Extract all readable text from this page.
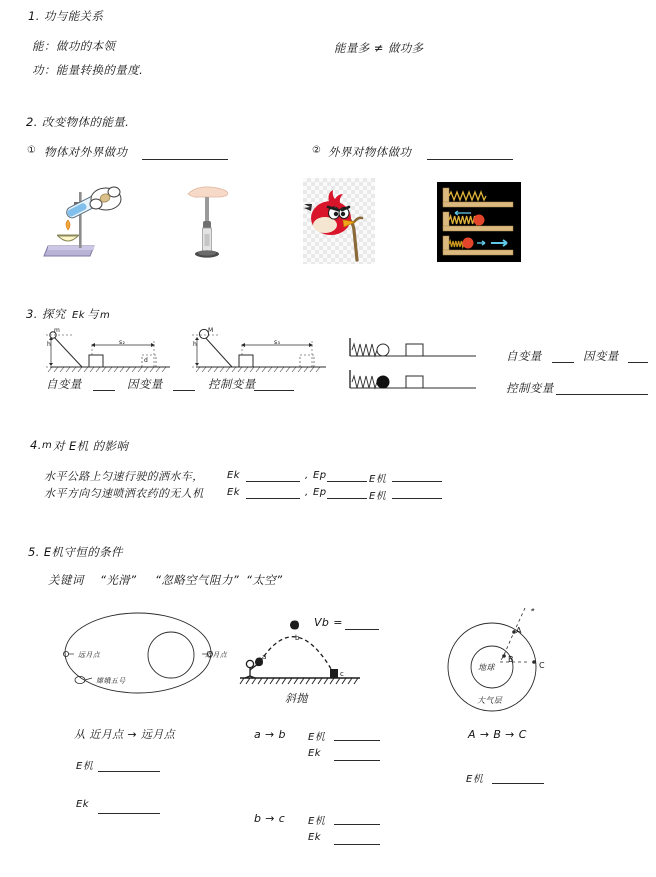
1. 功与能关系
能：做功的本领
功：能量转换的量度.
能量多 ≠ 做功多
2. 改变物体的能量.
① 物体对外界做功	② 外界对物体做功
3. 探究 Ek 与 m
m
h	s₂
d
M
h	s₃
自变量	因变量	控制变量
自变量	因变量
控制变量
4. m 对 E机 的影响
水平公路上匀速行驶的洒水车， Ek	, Ep	E机
水平方向匀速喷洒农药的无人机 Ek	, Ep	E机
5. E机守恒的条件
关键词 “光滑” “忽略空气阻力” “太空”
远月点	近月点
嫦娥五号
从 近月点 → 远月点
E机
Ek
a
b
c
Vb =
斜抛
a → b E机
Ek
b → c E机
Ek
⭒
A
B
C
地球
大气层
A → B → C
E机
